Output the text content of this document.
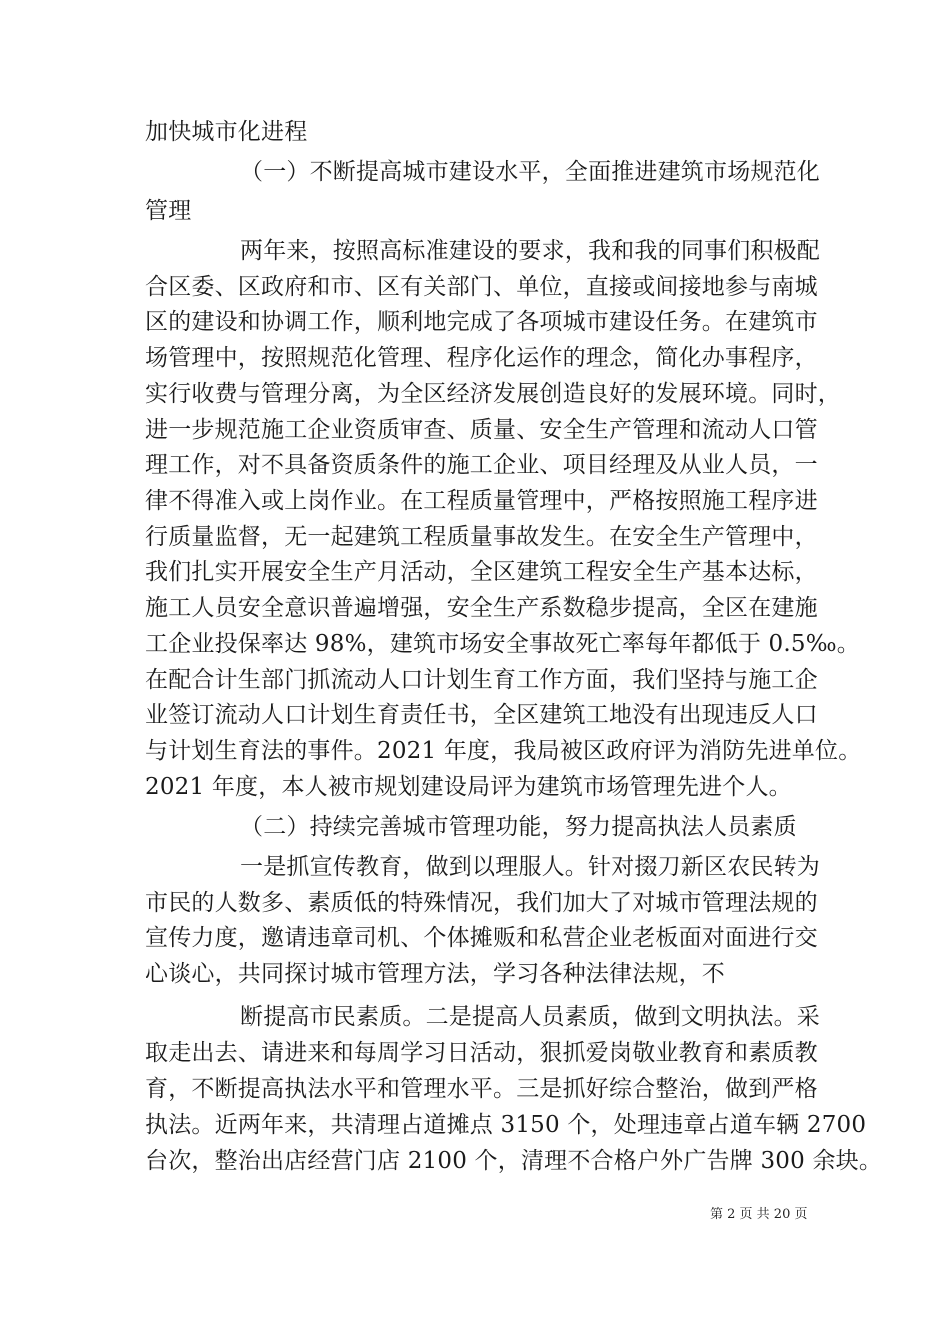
加快城市化进程
（一）不断提高城市建设水平，全面推进建筑市场规范化
管理
两年来，按照高标准建设的要求，我和我的同事们积极配
合区委、区政府和市、区有关部门、单位，直接或间接地参与南城
区的建设和协调工作，顺利地完成了各项城市建设任务。在建筑市
场管理中，按照规范化管理、程序化运作的理念，简化办事程序，
实行收费与管理分离，为全区经济发展创造良好的发展环境。同时，
进一步规范施工企业资质审查、质量、安全生产管理和流动人口管
理工作，对不具备资质条件的施工企业、项目经理及从业人员，一
律不得准入或上岗作业。在工程质量管理中，严格按照施工程序进
行质量监督，无一起建筑工程质量事故发生。在安全生产管理中，
我们扎实开展安全生产月活动，全区建筑工程安全生产基本达标，
施工人员安全意识普遍增强，安全生产系数稳步提高，全区在建施
工企业投保率达 98%，建筑市场安全事故死亡率每年都低于 0.5‰。
在配合计生部门抓流动人口计划生育工作方面，我们坚持与施工企
业签订流动人口计划生育责任书，全区建筑工地没有出现违反人口
与计划生育法的事件。2021 年度，我局被区政府评为消防先进单位。
2021 年度，本人被市规划建设局评为建筑市场管理先进个人。
（二）持续完善城市管理功能，努力提高执法人员素质
一是抓宣传教育，做到以理服人。针对掇刀新区农民转为
市民的人数多、素质低的特殊情况，我们加大了对城市管理法规的
宣传力度，邀请违章司机、个体摊贩和私营企业老板面对面进行交
心谈心，共同探讨城市管理方法，学习各种法律法规，不
断提高市民素质。二是提高人员素质，做到文明执法。采
取走出去、请进来和每周学习日活动，狠抓爱岗敬业教育和素质教
育，不断提高执法水平和管理水平。三是抓好综合整治，做到严格
执法。近两年来，共清理占道摊点 3150 个，处理违章占道车辆 2700
台次，整治出店经营门店 2100 个，清理不合格户外广告牌 300 余块。
第 2 页 共 20 页
